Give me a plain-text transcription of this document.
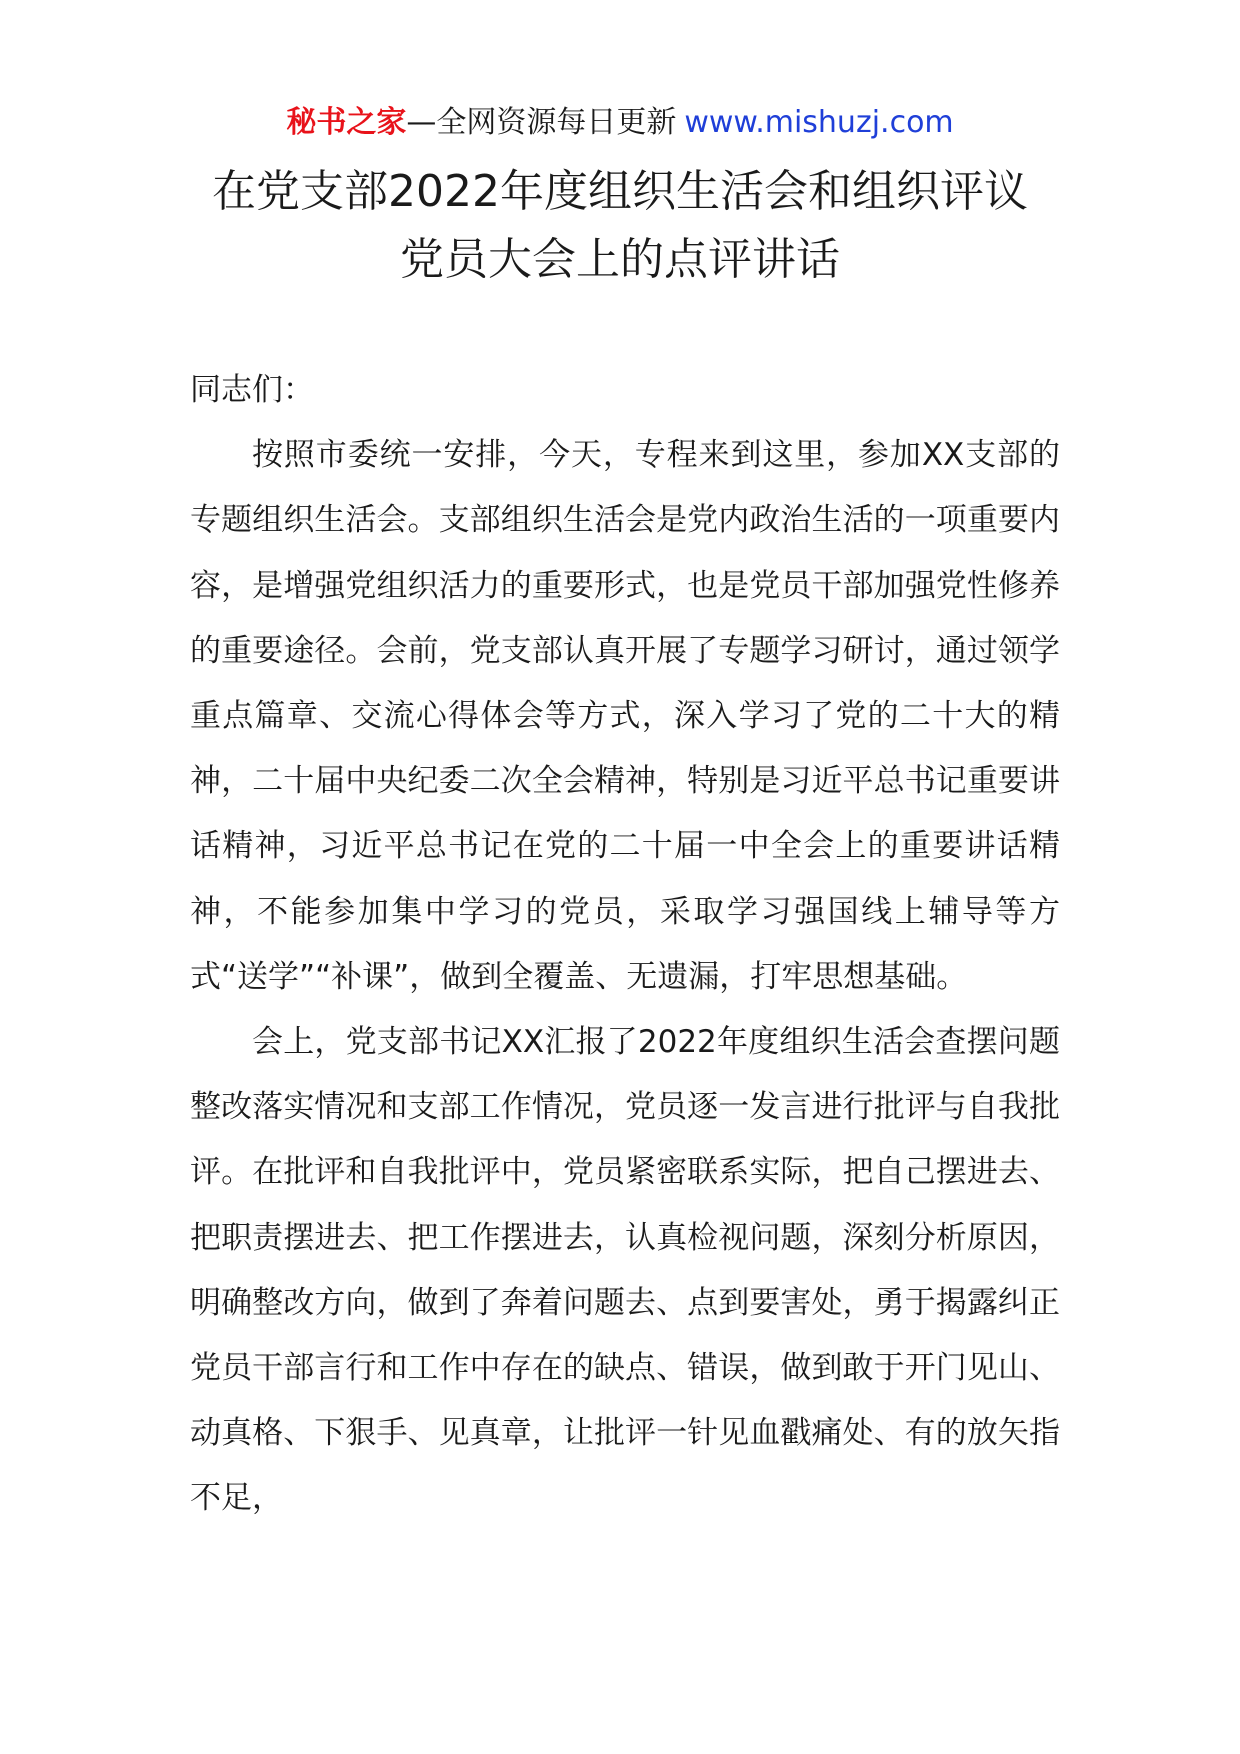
秘书之家—全网资源每日更新 www.mishuzj.com
在党支部2022年度组织生活会和组织评议
党员大会上的点评讲话

同志们：

按照市委统一安排，今天，专程来到这里，参加XX支部的专题组织生活会。支部组织生活会是党内政治生活的一项重要内容，是增强党组织活力的重要形式，也是党员干部加强党性修养的重要途径。会前，党支部认真开展了专题学习研讨，通过领学重点篇章、交流心得体会等方式，深入学习了党的二十大的精神，二十届中央纪委二次全会精神，特别是习近平总书记重要讲话精神，习近平总书记在党的二十届一中全会上的重要讲话精神，不能参加集中学习的党员，采取学习强国线上辅导等方式“送学”“补课”，做到全覆盖、无遗漏，打牢思想基础。

会上，党支部书记XX汇报了2022年度组织生活会查摆问题整改落实情况和支部工作情况，党员逐一发言进行批评与自我批评。在批评和自我批评中，党员紧密联系实际，把自己摆进去、把职责摆进去、把工作摆进去，认真检视问题，深刻分析原因，明确整改方向，做到了奔着问题去、点到要害处，勇于揭露纠正党员干部言行和工作中存在的缺点、错误，做到敢于开门见山、动真格、下狠手、见真章，让批评一针见血戳痛处、有的放矢指不足，
